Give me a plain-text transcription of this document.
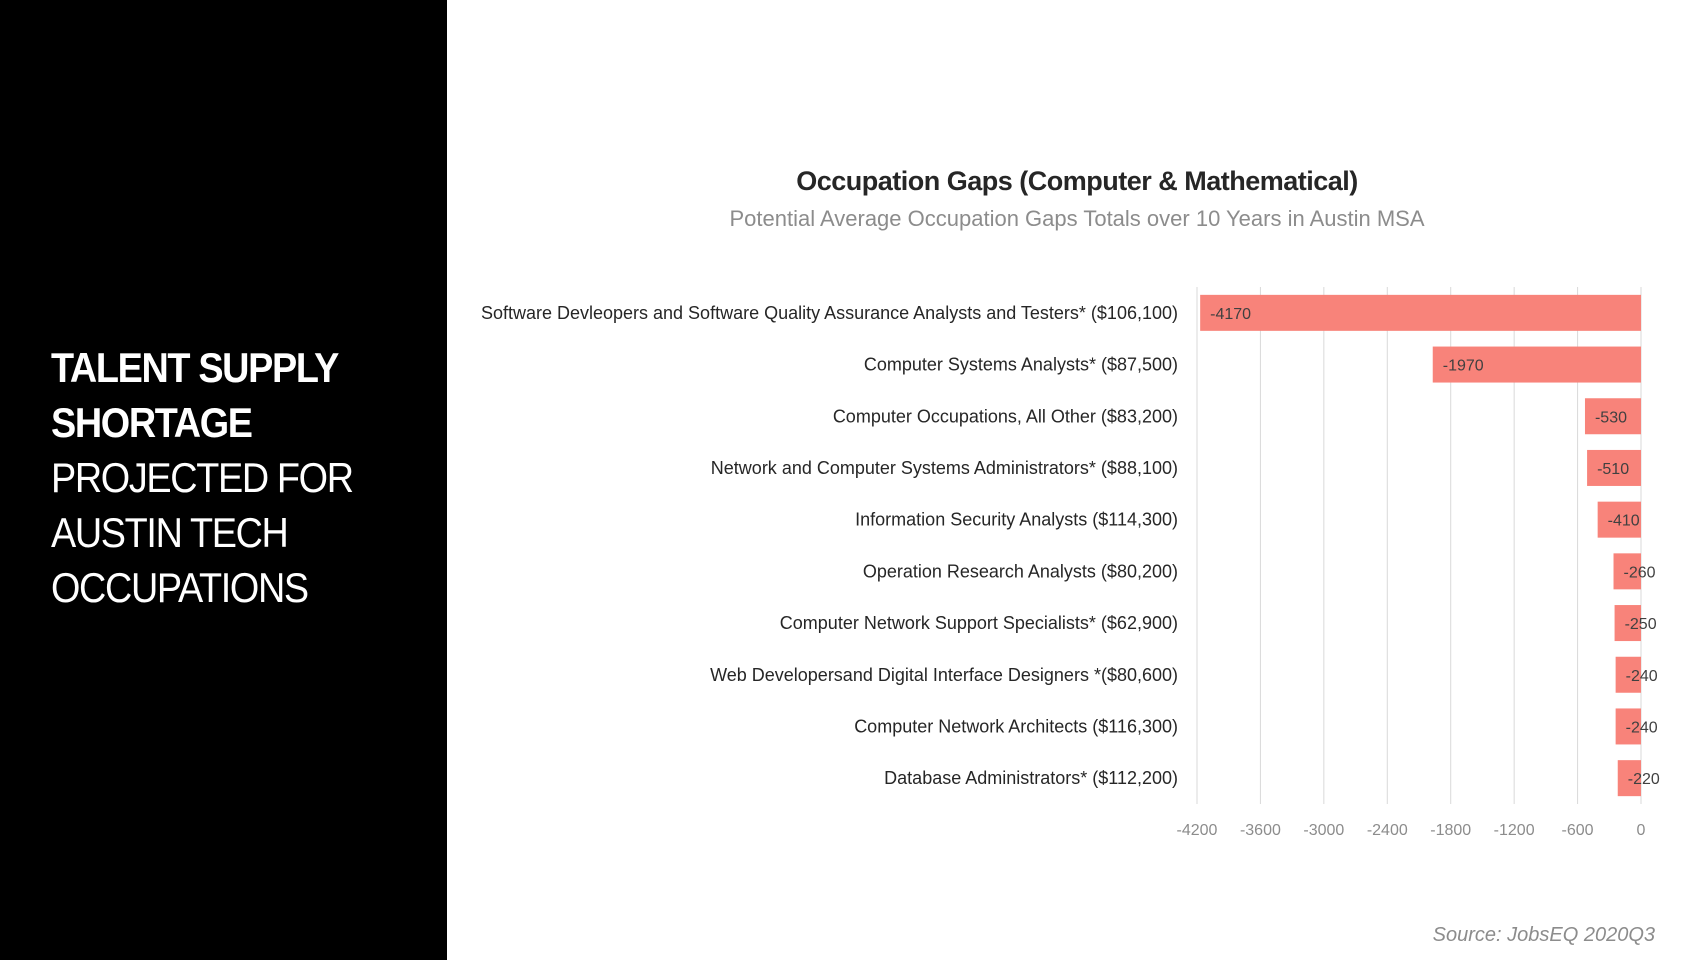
TALENT SUPPLY
SHORTAGE
PROJECTED FOR
AUSTIN TECH
OCCUPATIONS
Occupation Gaps (Computer & Mathematical)

Potential Average Occupation Gaps Totals over 10 Years in Austin MSA

Software Devleopers and Software Quality Assurance Analysts and Testers* ($106,100)
Computer Systems Analysts* ($87,500)
Computer Occupations, All Other ($83,200)
Network and Computer Systems Administrators* ($88,100)
Information Security Analysts ($114,300)
Operation Research Analysts ($80,200)
Computer Network Support Specialists* ($62,900)
Web Developersand Digital Interface Designers *($80,600)
Computer Network Architects ($116,300)
Database Administrators* ($112,200)
-4170
-1970
-530
-510
-410
-260
-250
-240
-240
-220
-4200 -3600 -3000 -2400 -1800 -1200 -600	0

Source: JobsEQ 2020Q3
